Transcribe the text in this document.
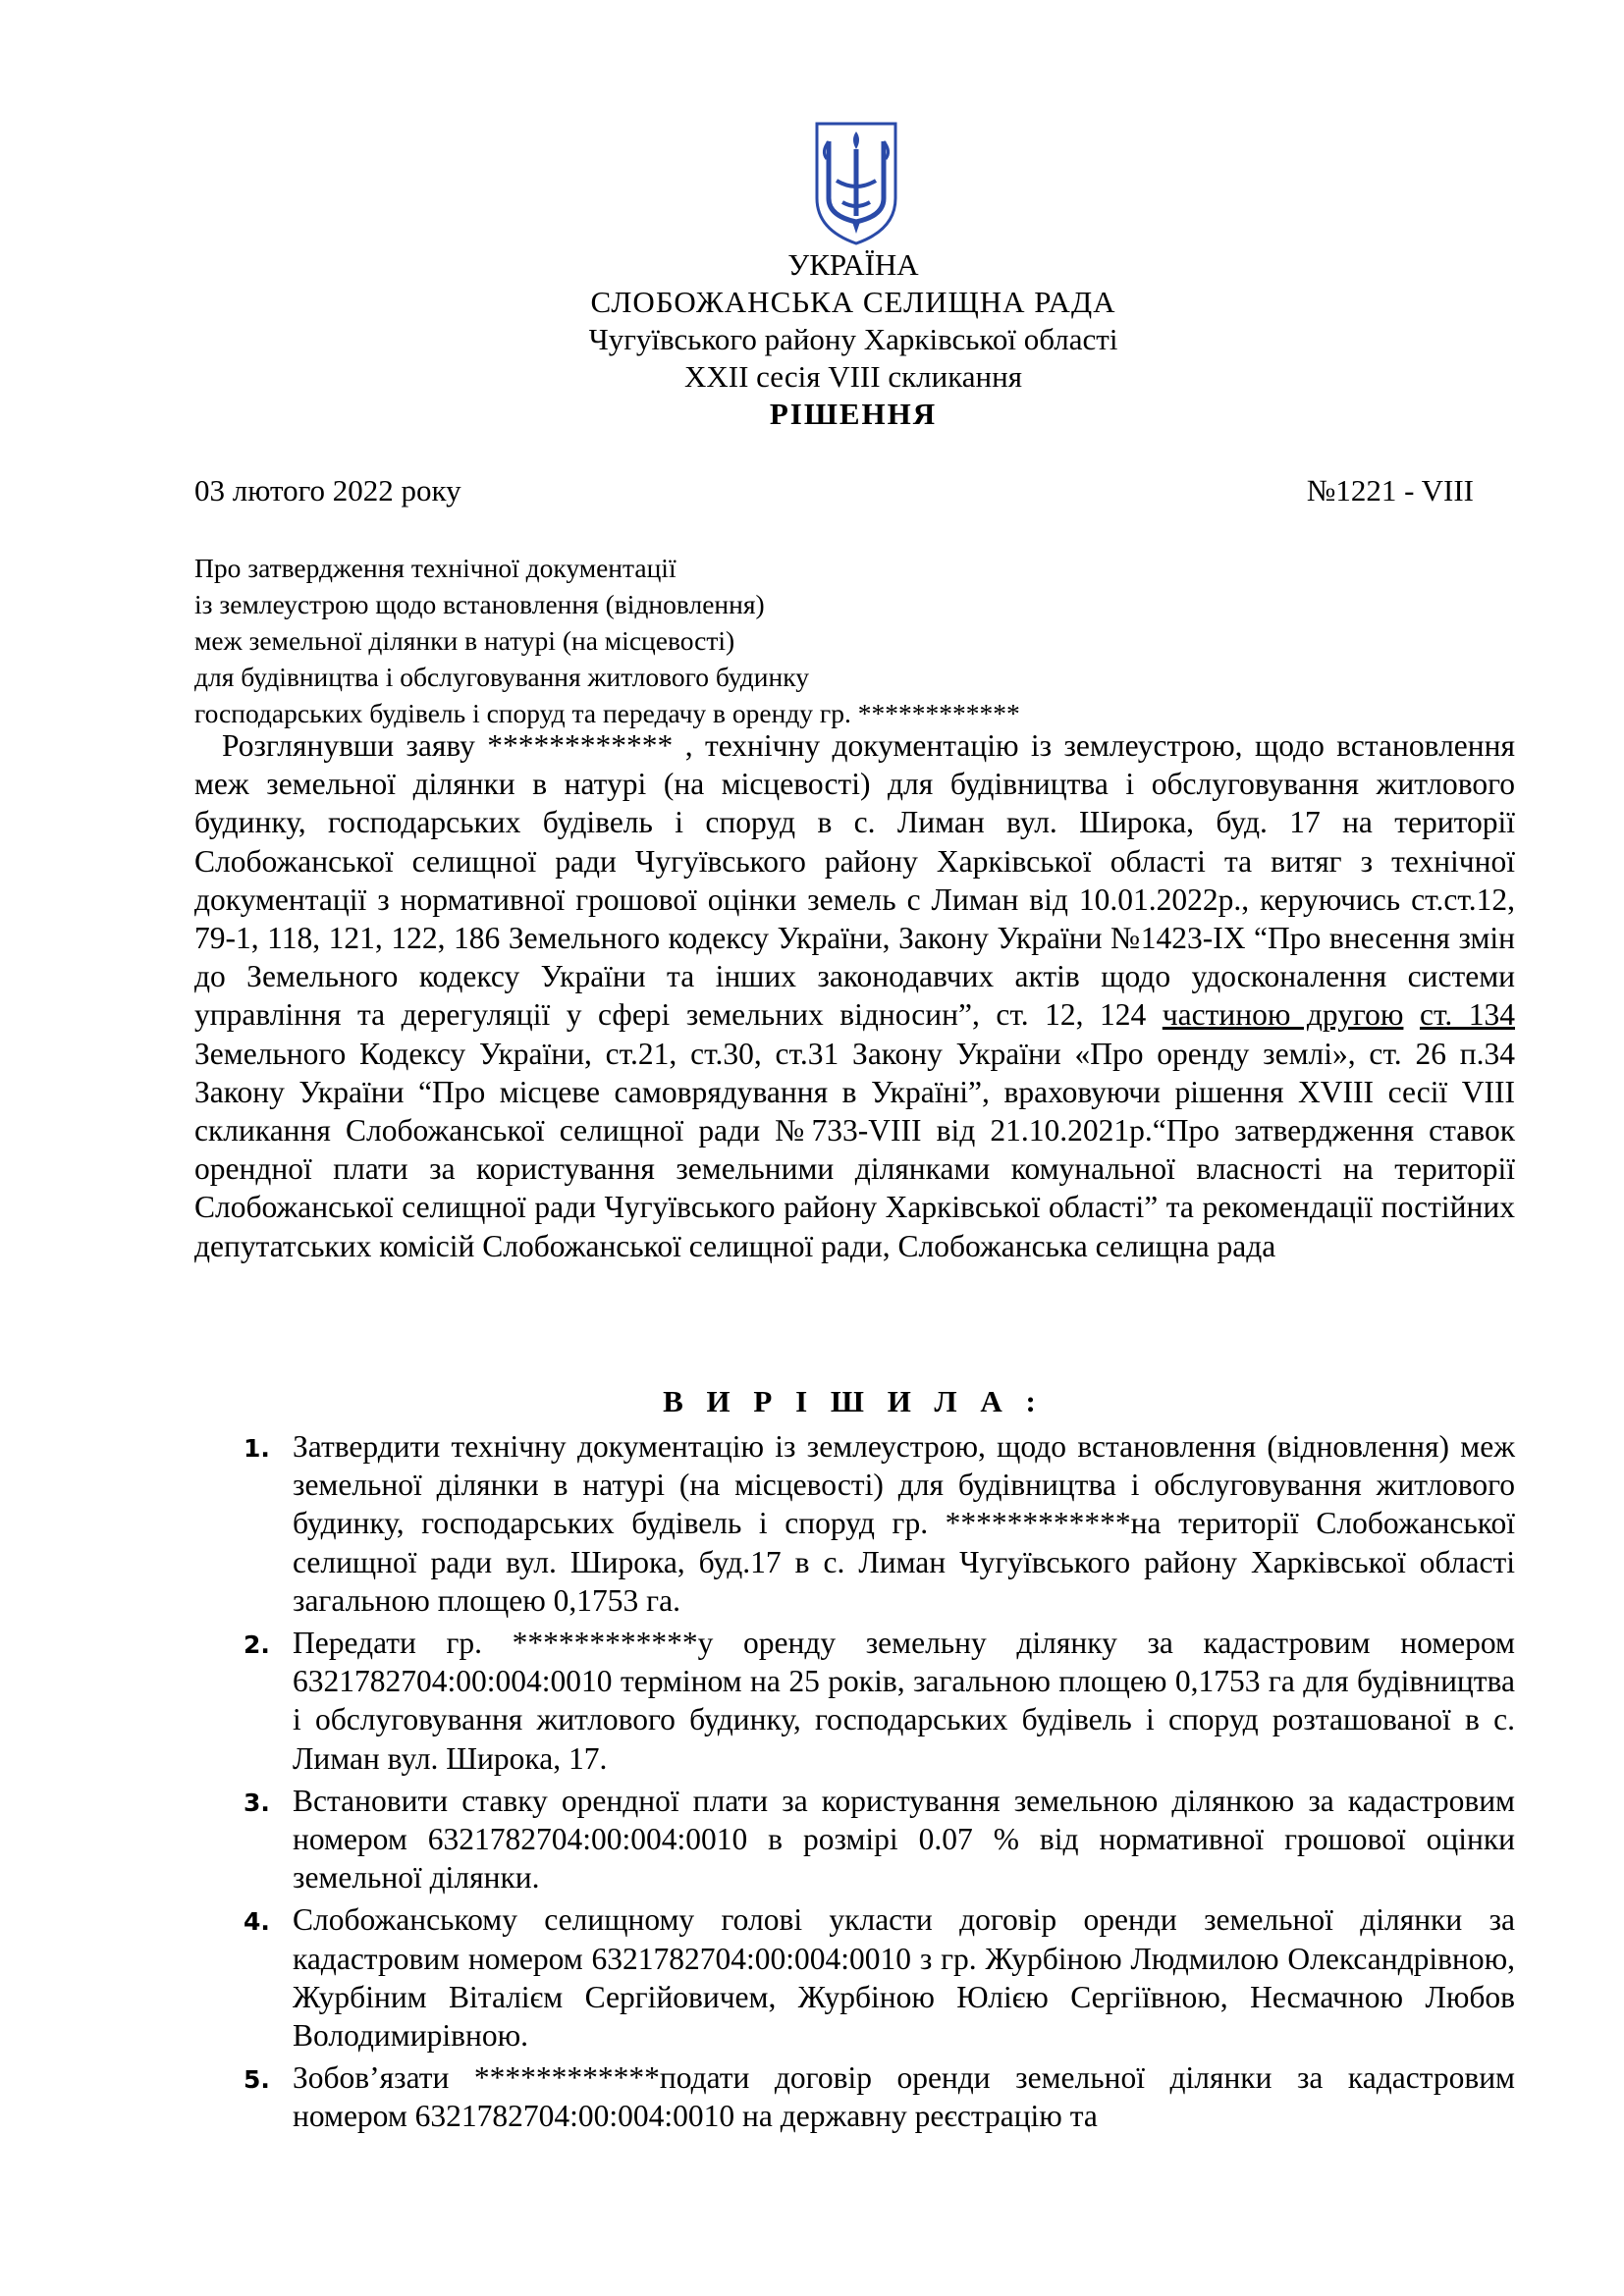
УКРАЇНА
СЛОБОЖАНСЬКА СЕЛИЩНА РАДА
Чугуївського району Харківської області
XXII сесія VIII скликання
РІШЕННЯ
03 лютого 2022 року	№1221 - VIII
Про затвердження технічної документації
із землеустрою щодо встановлення (відновлення)
меж земельної ділянки в натурі (на місцевості)
для будівництва і обслуговування житлового будинку
господарських будівель і споруд та передачу в оренду гр. ************
Розглянувши заяву ************ , технічну документацію із землеустрою, щодо встановлення меж земельної ділянки в натурі (на місцевості) для будівництва і обслуговування житлового будинку, господарських будівель і споруд в с. Лиман вул. Широка, буд. 17 на території Слобожанської селищної ради Чугуївського району Харківської області та витяг з технічної документації з нормативної грошової оцінки земель с Лиман від 10.01.2022р., керуючись ст.ст.12, 79-1, 118, 121, 122, 186 Земельного кодексу України, Закону України №1423-IX “Про внесення змін до Земельного кодексу України та інших законодавчих актів щодо удосконалення системи управління та дерегуляції у сфері земельних відносин”, ст. 12, 124 частиною другою ст. 134 Земельного Кодексу України, ст.21, ст.30, ст.31 Закону України «Про оренду землі», ст. 26 п.34 Закону України “Про місцеве самоврядування в Україні”, враховуючи рішення XVIII сесії VIII скликання Слобожанської селищної ради №733-VIII від 21.10.2021р.“Про затвердження ставок орендної плати за користування земельними ділянками комунальної власності на території Слобожанської селищної ради Чугуївського району Харківської області” та рекомендації постійних депутатських комісій Слобожанської селищної ради, Слобожанська селищна рада
В И Р І Ш И Л А :
1. Затвердити технічну документацію із землеустрою, щодо встановлення (відновлення) меж земельної ділянки в натурі (на місцевості) для будівництва і обслуговування житлового будинку, господарських будівель і споруд гр. ************на території Слобожанської селищної ради вул. Широка, буд.17 в с. Лиман Чугуївського району Харківської області загальною площею 0,1753 га.
2. Передати гр. ************у оренду земельну ділянку за кадастровим номером 6321782704:00:004:0010 терміном на 25 років, загальною площею 0,1753 га для будівництва і обслуговування житлового будинку, господарських будівель і споруд розташованої в с. Лиман вул. Широка, 17.
3. Встановити ставку орендної плати за користування земельною ділянкою за кадастровим номером 6321782704:00:004:0010 в розмірі 0.07 % від нормативної грошової оцінки земельної ділянки.
4. Слобожанському селищному голові укласти договір оренди земельної ділянки за кадастровим номером 6321782704:00:004:0010 з гр. Журбіною Людмилою Олександрівною, Журбіним Віталієм Сергійовичем, Журбіною Юлією Сергіївною, Несмачною Любов Володимирівною.
5. Зобов’язати ************подати договір оренди земельної ділянки за кадастровим номером 6321782704:00:004:0010 на державну реєстрацію та
